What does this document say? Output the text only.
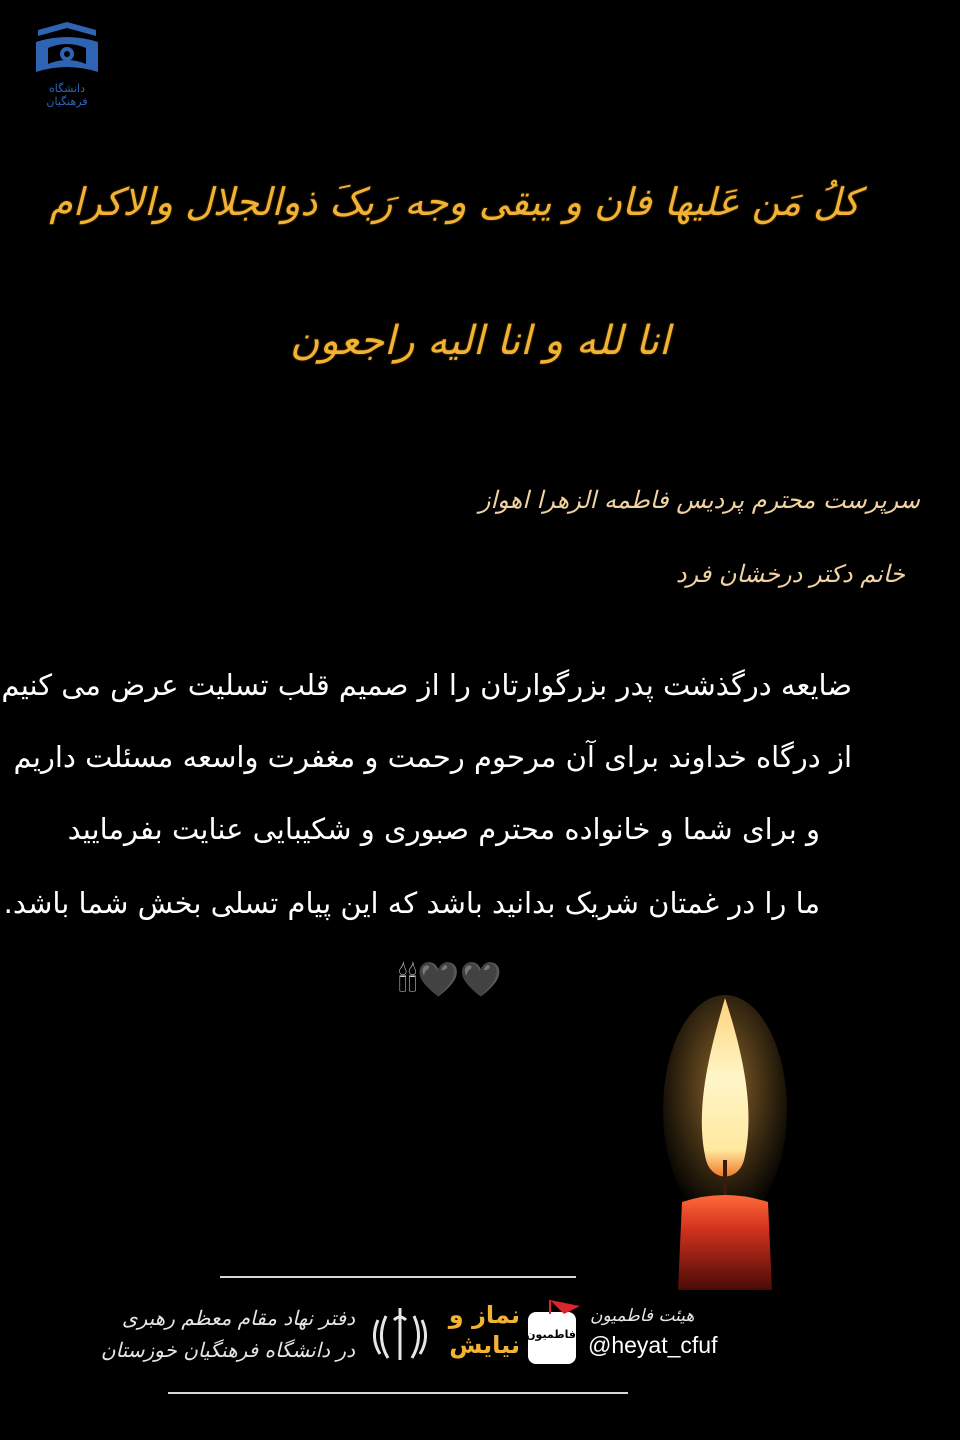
دانشگاه فرهنگیان
کلُ مَن عَلیها فان و یبقی وجه رَبکَ ذوالجلال والاکرام
انا لله و انا الیه راجعون
سرپرست محترم پردیس فاطمه الزهرا اهواز
خانم دکتر درخشان فرد
ضایعه درگذشت پدر بزرگوارتان را از صمیم قلب تسلیت عرض می کنیم
از درگاه خداوند برای آن مرحوم رحمت و مغفرت واسعه مسئلت داریم
و برای شما و خانواده محترم صبوری و شکیبایی عنایت بفرمایید
ما را در غمتان شریک بدانید باشد که این پیام تسلی بخش شما باشد.
🕯🕯🖤🖤
دفتر نهاد مقام معظم رهبری
در دانشگاه فرهنگیان خوزستان
نماز و
نیایش فاطمیون
هیئت فاطمیون
@heyat_cfuf
